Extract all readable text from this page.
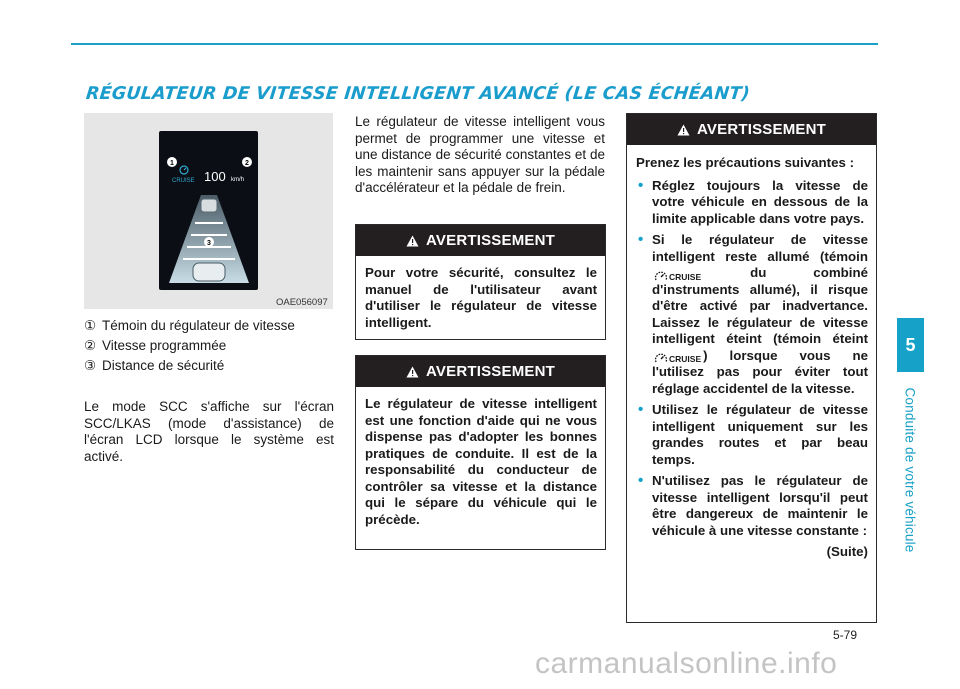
RÉGULATEUR DE VITESSE INTELLIGENT AVANCÉ (LE CAS ÉCHÉANT)
5
Conduite de votre véhicule
CRUISE 100 km/h
1	2
3
OAE056097
① Témoin du régulateur de vitesse
② Vitesse programmée
③ Distance de sécurité

Le mode SCC s'affiche sur l'écran SCC/LKAS (mode d'assistance) de l'écran LCD lorsque le système est activé.

Le régulateur de vitesse intelligent vous permet de programmer une vitesse et une distance de sécurité constantes et de les maintenir sans appuyer sur la pédale d'accélérateur et la pédale de frein.

AVERTISSEMENT

Pour votre sécurité, consultez le manuel de l'utilisateur avant d'utiliser le régulateur de vitesse intelligent.

AVERTISSEMENT

Le régulateur de vitesse intelligent est une fonction d'aide qui ne vous dispense pas d'adopter les bonnes pratiques de conduite. Il est de la responsabilité du conducteur de contrôler sa vitesse et la distance qui le sépare du véhicule qui le précède.

AVERTISSEMENT

Prenez les précautions suivantes :

• Réglez toujours la vitesse de votre véhicule en dessous de la limite applicable dans votre pays.
• Si le régulateur de vitesse intelligent reste allumé (témoin
CRUISE	du combiné d'instruments allumé), il risque d'être activé par inadvertance. Laissez le régulateur de vitesse intelligent éteint (témoin éteint
CRUISE ) lorsque vous ne l'utilisez pas pour éviter tout réglage accidentel de la vitesse.
• Utilisez le régulateur de vitesse intelligent uniquement sur les grandes routes et par beau temps.
• N'utilisez pas le régulateur de vitesse intelligent lorsqu'il peut être dangereux de maintenir le véhicule à une vitesse constante :

(Suite)

5-79
carmanualsonline.info
